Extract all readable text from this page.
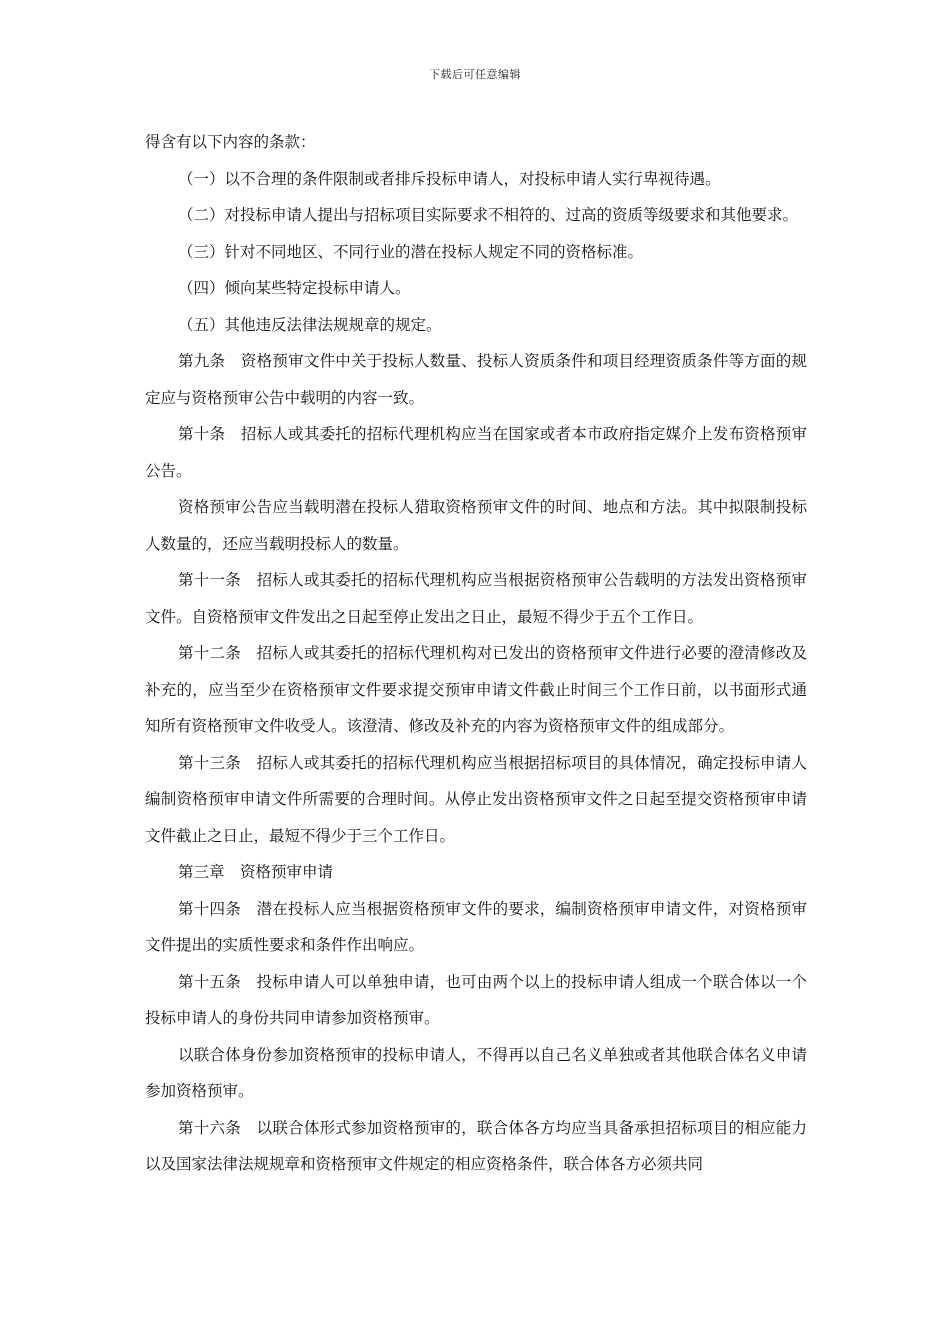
下载后可任意编辑

得含有以下内容的条款：

（一）以不合理的条件限制或者排斥投标申请人，对投标申请人实行卑视待遇。

（二）对投标申请人提出与招标项目实际要求不相符的、过高的资质等级要求和其他要求。

（三）针对不同地区、不同行业的潜在投标人规定不同的资格标准。

（四）倾向某些特定投标申请人。

（五）其他违反法律法规规章的规定。

第九条　资格预审文件中关于投标人数量、投标人资质条件和项目经理资质条件等方面的规定应与资格预审公告中载明的内容一致。

第十条　招标人或其委托的招标代理机构应当在国家或者本市政府指定媒介上发布资格预审公告。

资格预审公告应当载明潜在投标人猎取资格预审文件的时间、地点和方法。其中拟限制投标人数量的，还应当载明投标人的数量。

第十一条　招标人或其委托的招标代理机构应当根据资格预审公告载明的方法发出资格预审文件。自资格预审文件发出之日起至停止发出之日止，最短不得少于五个工作日。

第十二条　招标人或其委托的招标代理机构对已发出的资格预审文件进行必要的澄清修改及补充的，应当至少在资格预审文件要求提交预审申请文件截止时间三个工作日前，以书面形式通知所有资格预审文件收受人。该澄清、修改及补充的内容为资格预审文件的组成部分。

第十三条　招标人或其委托的招标代理机构应当根据招标项目的具体情况，确定投标申请人编制资格预审申请文件所需要的合理时间。从停止发出资格预审文件之日起至提交资格预审申请文件截止之日止，最短不得少于三个工作日。

第三章　资格预审申请

第十四条　潜在投标人应当根据资格预审文件的要求，编制资格预审申请文件，对资格预审文件提出的实质性要求和条件作出响应。

第十五条　投标申请人可以单独申请，也可由两个以上的投标申请人组成一个联合体以一个投标申请人的身份共同申请参加资格预审。

以联合体身份参加资格预审的投标申请人，不得再以自己名义单独或者其他联合体名义申请参加资格预审。

第十六条　以联合体形式参加资格预审的，联合体各方均应当具备承担招标项目的相应能力以及国家法律法规规章和资格预审文件规定的相应资格条件，联合体各方必须共同
